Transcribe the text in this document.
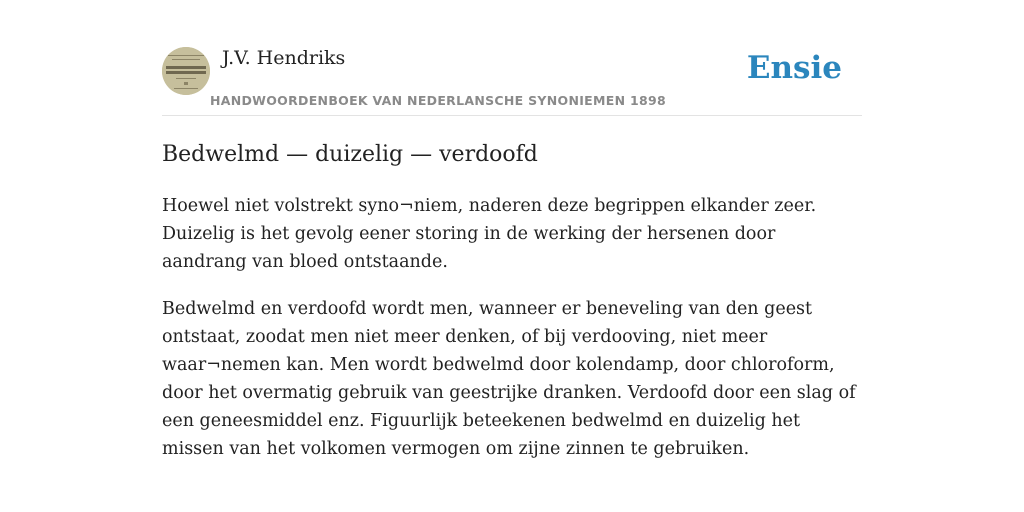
J.V. Hendriks
HANDWOORDENBOEK VAN NEDERLANSCHE SYNONIEMEN 1898
Ensie
Bedwelmd — duizelig — verdoofd

Hoewel niet volstrekt syno¬niem, naderen deze begrippen elkander zeer. Duizelig is het gevolg eener storing in de werking der hersenen door aandrang van bloed ontstaande.

Bedwelmd en verdoofd wordt men, wanneer er beneveling van den geest ontstaat, zoodat men niet meer denken, of bij verdooving, niet meer waar¬nemen kan. Men wordt bedwelmd door kolendamp, door chloroform, door het overmatig gebruik van geestrijke dranken. Verdoofd door een slag of een geneesmiddel enz. Figuurlijk beteekenen bedwelmd en duizelig het missen van het volkomen vermogen om zijne zinnen te gebruiken.
